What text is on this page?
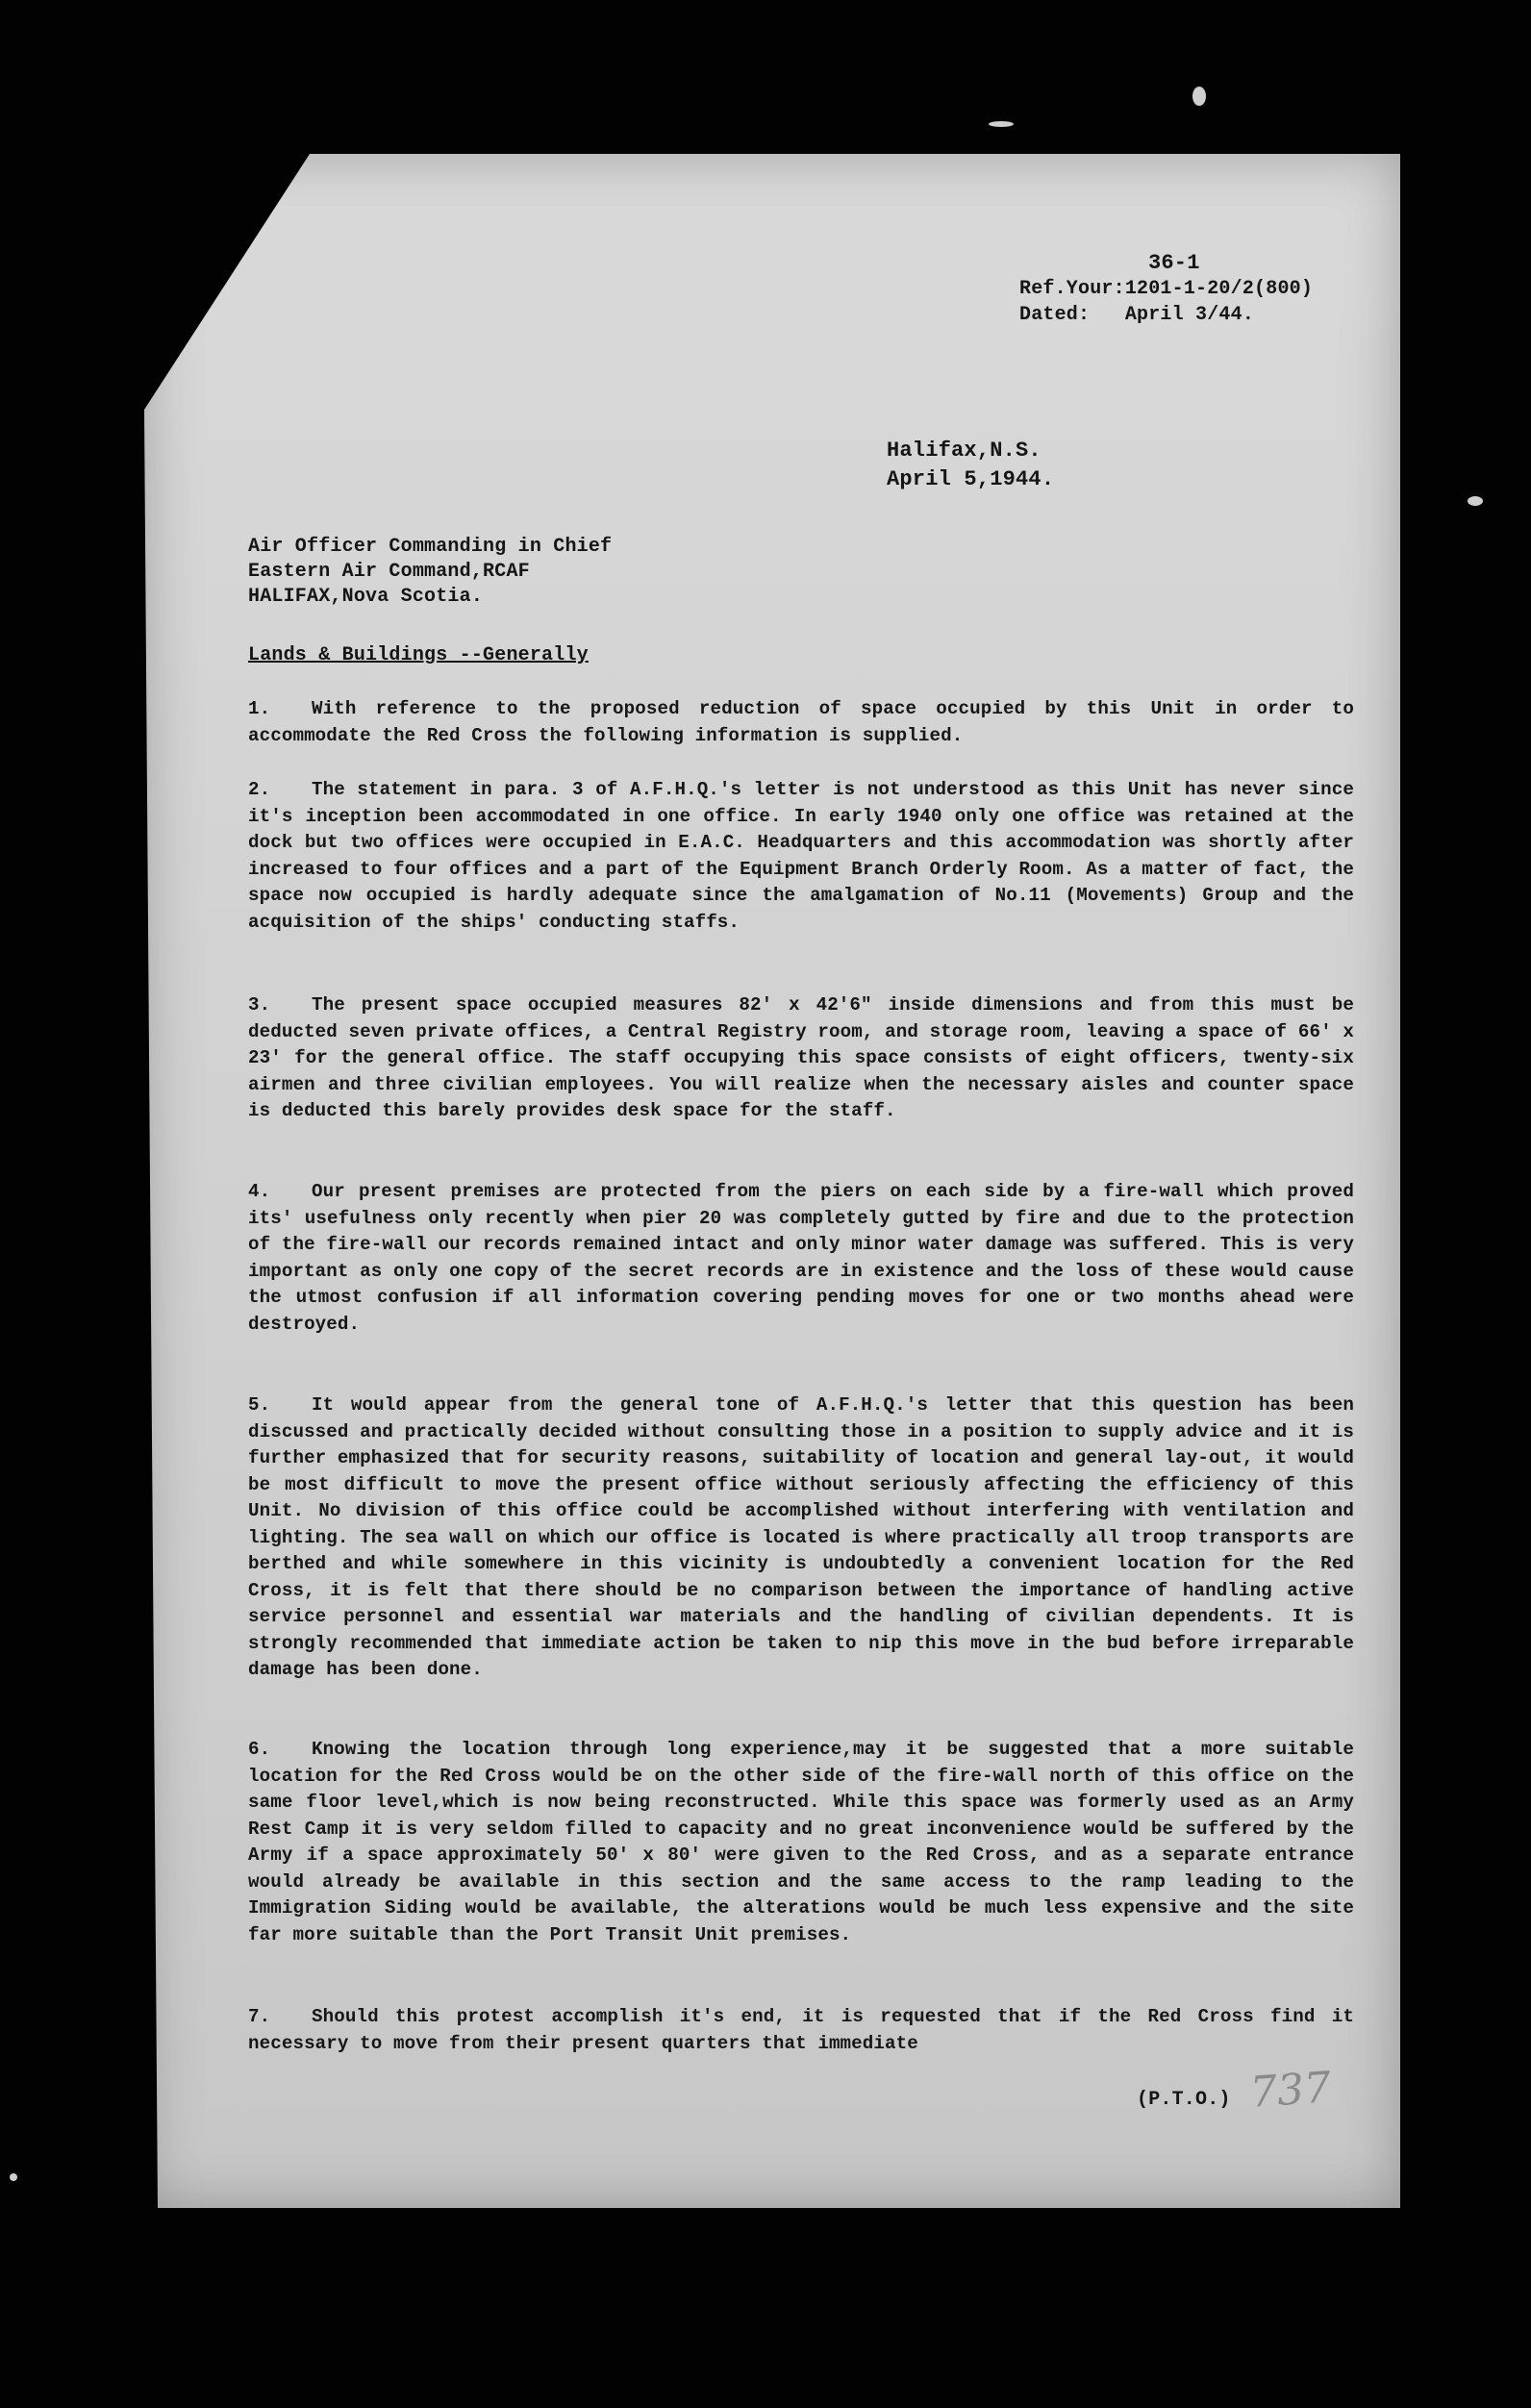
36-1
Ref.Your:1201-1-20/2(800)
Dated:   April 3/44.
Halifax,N.S.
April 5,1944.
Air Officer Commanding in Chief
Eastern Air Command,RCAF
HALIFAX,Nova Scotia.
Lands & Buildings --Generally
1. With reference to the proposed reduction of space occupied by this Unit in order to accommodate the Red Cross the following information is supplied.
2. The statement in para. 3 of A.F.H.Q.'s letter is not understood as this Unit has never since it's inception been accommodated in one office. In early 1940 only one office was retained at the dock but two offices were occupied in E.A.C. Headquarters and this accommodation was shortly after increased to four offices and a part of the Equipment Branch Orderly Room. As a matter of fact, the space now occupied is hardly adequate since the amalgamation of No.11 (Movements) Group and the acquisition of the ships' conducting staffs.
3. The present space occupied measures 82' x 42'6" inside dimensions and from this must be deducted seven private offices, a Central Registry room, and storage room, leaving a space of 66' x 23' for the general office. The staff occupying this space consists of eight officers, twenty-six airmen and three civilian employees. You will realize when the necessary aisles and counter space is deducted this barely provides desk space for the staff.
4. Our present premises are protected from the piers on each side by a fire-wall which proved its' usefulness only recently when pier 20 was completely gutted by fire and due to the protection of the fire-wall our records remained intact and only minor water damage was suffered. This is very important as only one copy of the secret records are in existence and the loss of these would cause the utmost confusion if all information covering pending moves for one or two months ahead were destroyed.
5. It would appear from the general tone of A.F.H.Q.'s letter that this question has been discussed and practically decided without consulting those in a position to supply advice and it is further emphasized that for security reasons, suitability of location and general lay-out, it would be most difficult to move the present office without seriously affecting the efficiency of this Unit. No division of this office could be accomplished without interfering with ventilation and lighting. The sea wall on which our office is located is where practically all troop transports are berthed and while somewhere in this vicinity is undoubtedly a convenient location for the Red Cross, it is felt that there should be no comparison between the importance of handling active service personnel and essential war materials and the handling of civilian dependents. It is strongly recommended that immediate action be taken to nip this move in the bud before irreparable damage has been done.
6. Knowing the location through long experience,may it be suggested that a more suitable location for the Red Cross would be on the other side of the fire-wall north of this office on the same floor level,which is now being reconstructed. While this space was formerly used as an Army Rest Camp it is very seldom filled to capacity and no great inconvenience would be suffered by the Army if a space approximately 50' x 80' were given to the Red Cross, and as a separate entrance would already be available in this section and the same access to the ramp leading to the Immigration Siding would be available, the alterations would be much less expensive and the site far more suitable than the Port Transit Unit premises.
7. Should this protest accomplish it's end, it is requested that if the Red Cross find it necessary to move from their present quarters that immediate
(P.T.O.) 737
